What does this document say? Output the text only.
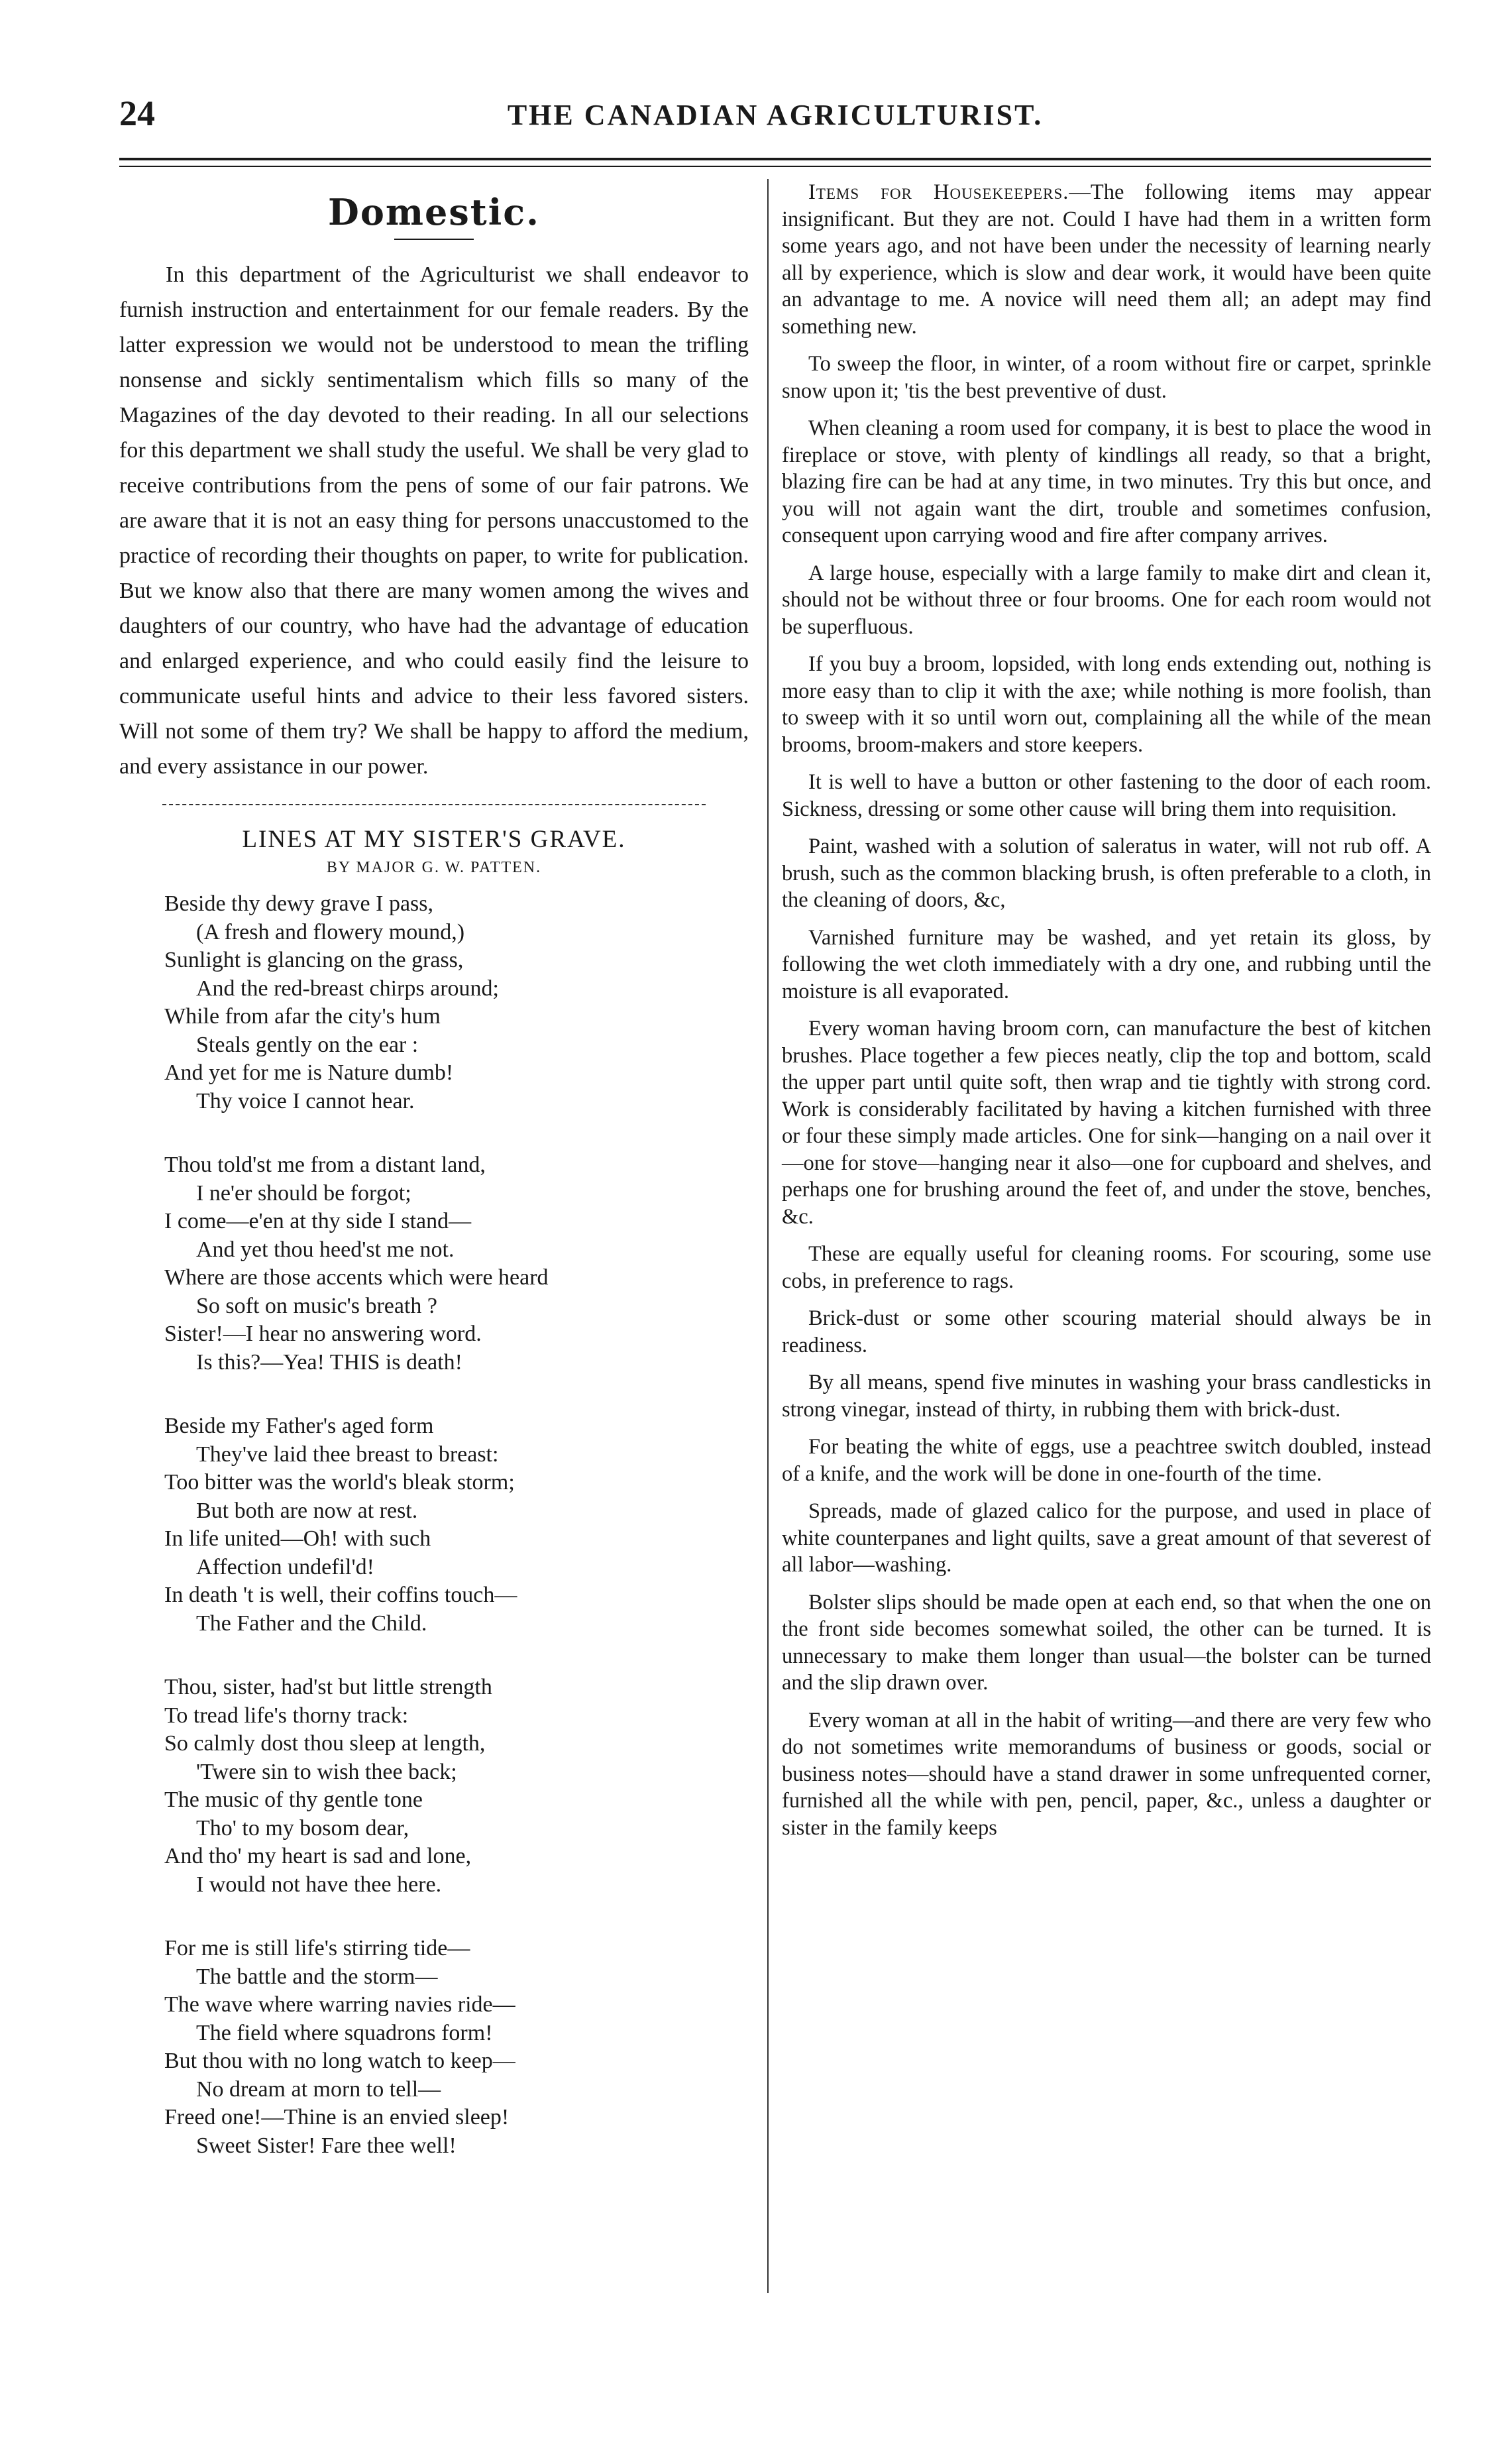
24	THE CANADIAN AGRICULTURIST.
Domestic.

In this department of the Agriculturist we shall endeavor to furnish instruction and entertainment for our female readers. By the latter expression we would not be understood to mean the trifling nonsense and sickly sentimentalism which fills so many of the Magazines of the day devoted to their reading. In all our selections for this department we shall study the useful. We shall be very glad to receive contributions from the pens of some of our fair patrons. We are aware that it is not an easy thing for persons unaccustomed to the practice of recording their thoughts on paper, to write for publication. But we know also that there are many women among the wives and daughters of our country, who have had the advantage of education and enlarged experience, and who could easily find the leisure to communicate useful hints and advice to their less favored sisters. Will not some of them try? We shall be happy to afford the medium, and every assistance in our power.

LINES AT MY SISTER'S GRAVE.
BY MAJOR G. W. PATTEN.
Beside thy dewy grave I pass,
(A fresh and flowery mound,)
Sunlight is glancing on the grass,
And the red-breast chirps around;
While from afar the city's hum
Steals gently on the ear :
And yet for me is Nature dumb!
Thy voice I cannot hear.
Thou told'st me from a distant land,
I ne'er should be forgot;
I come—e'en at thy side I stand—
And yet thou heed'st me not.
Where are those accents which were heard
So soft on music's breath ?
Sister!—I hear no answering word.
Is this?—Yea! THIS is death!
Beside my Father's aged form
They've laid thee breast to breast:
Too bitter was the world's bleak storm;
But both are now at rest.
In life united—Oh! with such
Affection undefil'd!
In death 't is well, their coffins touch—
The Father and the Child.
Thou, sister, had'st but little strength
To tread life's thorny track:
So calmly dost thou sleep at length,
'Twere sin to wish thee back;
The music of thy gentle tone
Tho' to my bosom dear,
And tho' my heart is sad and lone,
I would not have thee here.
For me is still life's stirring tide—
The battle and the storm—
The wave where warring navies ride—
The field where squadrons form!
But thou with no long watch to keep—
No dream at morn to tell—
Freed one!—Thine is an envied sleep!
Sweet Sister! Fare thee well!

Items for Housekeepers.—The following items may appear insignificant. But they are not. Could I have had them in a written form some years ago, and not have been under the necessity of learning nearly all by experience, which is slow and dear work, it would have been quite an advantage to me. A novice will need them all; an adept may find something new.

To sweep the floor, in winter, of a room without fire or carpet, sprinkle snow upon it; 'tis the best preventive of dust.

When cleaning a room used for company, it is best to place the wood in fireplace or stove, with plenty of kindlings all ready, so that a bright, blazing fire can be had at any time, in two minutes. Try this but once, and you will not again want the dirt, trouble and sometimes confusion, consequent upon carrying wood and fire after company arrives.

A large house, especially with a large family to make dirt and clean it, should not be without three or four brooms. One for each room would not be superfluous.

If you buy a broom, lopsided, with long ends extending out, nothing is more easy than to clip it with the axe; while nothing is more foolish, than to sweep with it so until worn out, complaining all the while of the mean brooms, broom-makers and store keepers.

It is well to have a button or other fastening to the door of each room. Sickness, dressing or some other cause will bring them into requisition.

Paint, washed with a solution of saleratus in water, will not rub off. A brush, such as the common blacking brush, is often preferable to a cloth, in the cleaning of doors, &c,

Varnished furniture may be washed, and yet retain its gloss, by following the wet cloth immediately with a dry one, and rubbing until the moisture is all evaporated.

Every woman having broom corn, can manufacture the best of kitchen brushes. Place together a few pieces neatly, clip the top and bottom, scald the upper part until quite soft, then wrap and tie tightly with strong cord. Work is considerably facilitated by having a kitchen furnished with three or four these simply made articles. One for sink—hanging on a nail over it—one for stove—hanging near it also—one for cupboard and shelves, and perhaps one for brushing around the feet of, and under the stove, benches, &c.

These are equally useful for cleaning rooms. For scouring, some use cobs, in preference to rags.

Brick-dust or some other scouring material should always be in readiness.

By all means, spend five minutes in washing your brass candlesticks in strong vinegar, instead of thirty, in rubbing them with brick-dust.

For beating the white of eggs, use a peachtree switch doubled, instead of a knife, and the work will be done in one-fourth of the time.

Spreads, made of glazed calico for the purpose, and used in place of white counterpanes and light quilts, save a great amount of that severest of all labor—washing.

Bolster slips should be made open at each end, so that when the one on the front side becomes somewhat soiled, the other can be turned. It is unnecessary to make them longer than usual—the bolster can be turned and the slip drawn over.

Every woman at all in the habit of writing—and there are very few who do not sometimes write memorandums of business or goods, social or business notes—should have a stand drawer in some unfrequented corner, furnished all the while with pen, pencil, paper, &c., unless a daughter or sister in the family keeps
